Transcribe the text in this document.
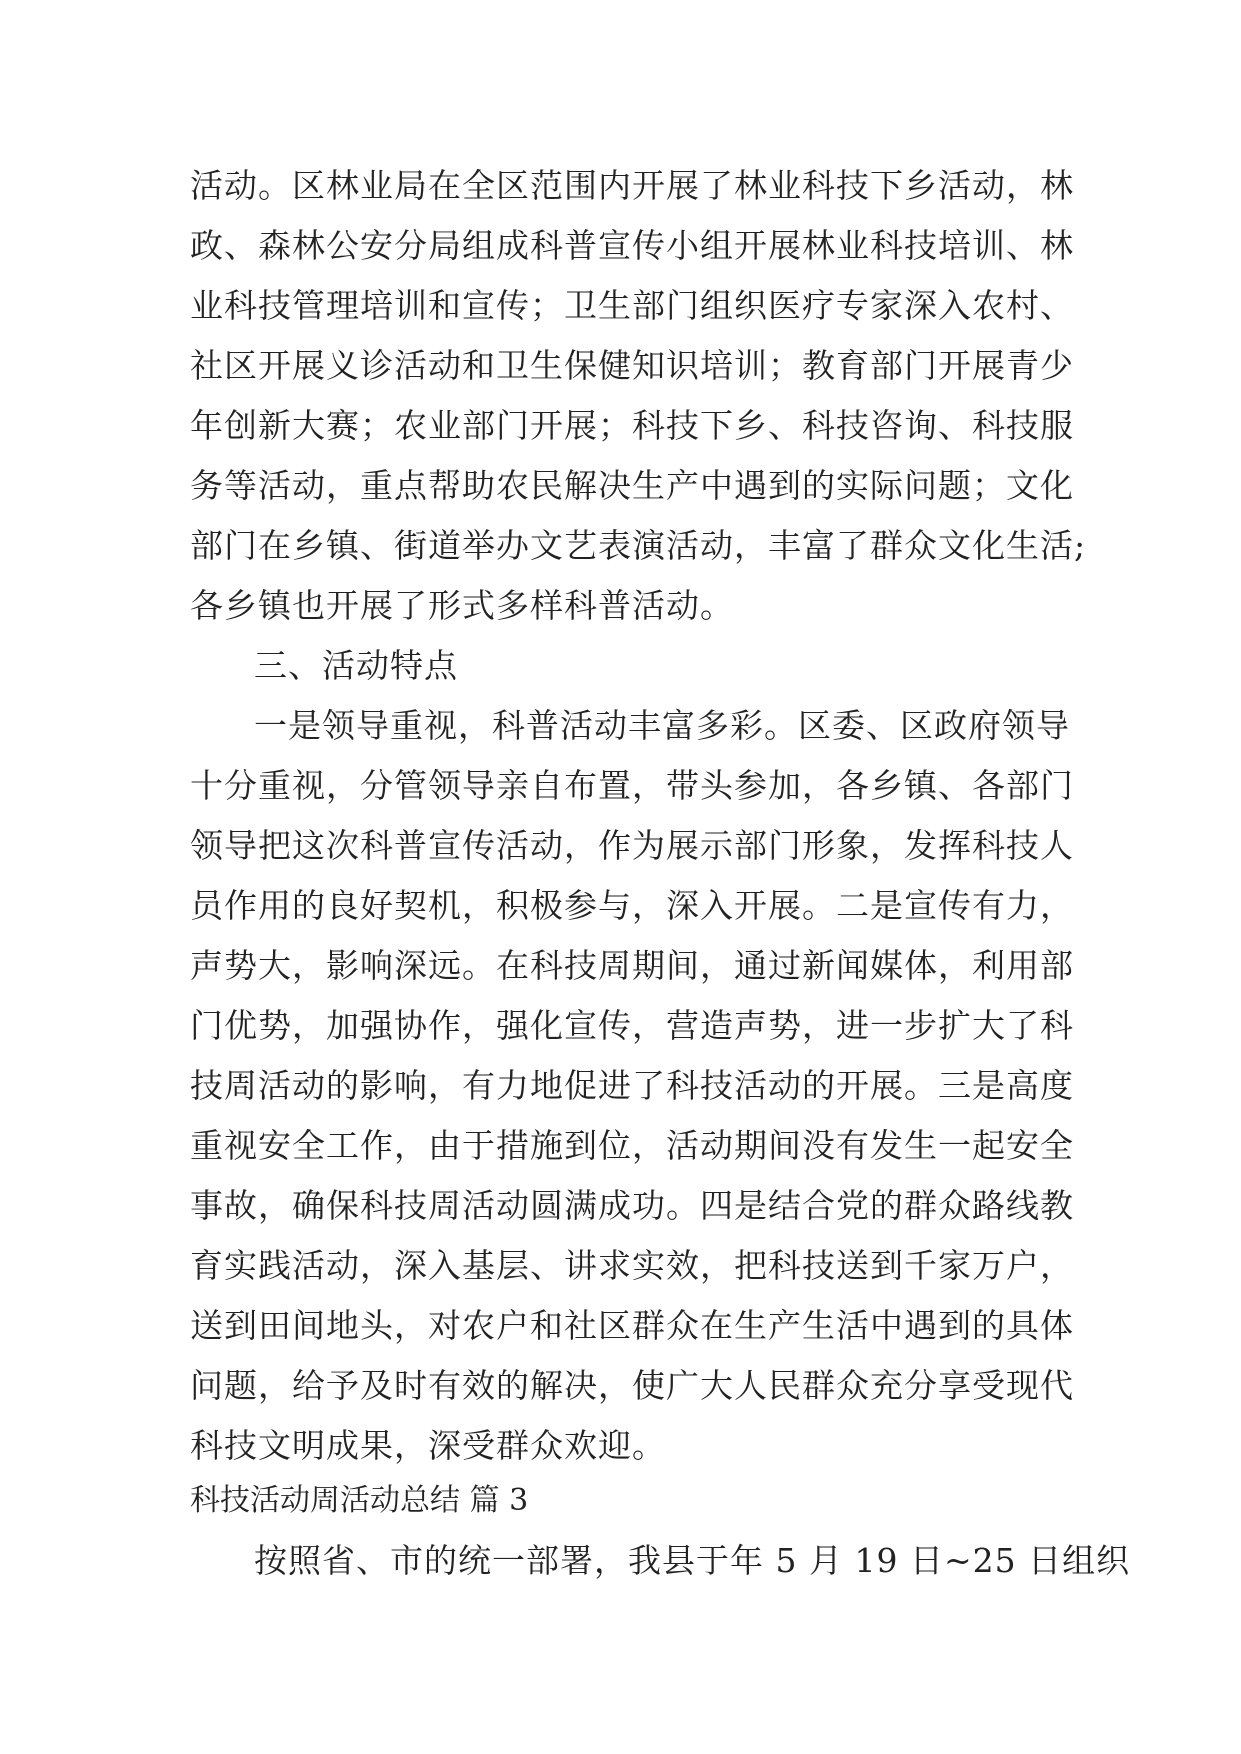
活动。区林业局在全区范围内开展了林业科技下乡活动，林
政、森林公安分局组成科普宣传小组开展林业科技培训、林
业科技管理培训和宣传；卫生部门组织医疗专家深入农村、
社区开展义诊活动和卫生保健知识培训；教育部门开展青少
年创新大赛；农业部门开展；科技下乡、科技咨询、科技服
务等活动，重点帮助农民解决生产中遇到的实际问题；文化
部门在乡镇、街道举办文艺表演活动，丰富了群众文化生活;
各乡镇也开展了形式多样科普活动。
三、活动特点
一是领导重视，科普活动丰富多彩。区委、区政府领导
十分重视，分管领导亲自布置，带头参加，各乡镇、各部门
领导把这次科普宣传活动，作为展示部门形象，发挥科技人
员作用的良好契机，积极参与，深入开展。二是宣传有力，
声势大，影响深远。在科技周期间，通过新闻媒体，利用部
门优势，加强协作，强化宣传，营造声势，进一步扩大了科
技周活动的影响，有力地促进了科技活动的开展。三是高度
重视安全工作，由于措施到位，活动期间没有发生一起安全
事故，确保科技周活动圆满成功。四是结合党的群众路线教
育实践活动，深入基层、讲求实效，把科技送到千家万户，
送到田间地头，对农户和社区群众在生产生活中遇到的具体
问题，给予及时有效的解决，使广大人民群众充分享受现代
科技文明成果，深受群众欢迎。
科技活动周活动总结 篇 3
按照省、市的统一部署，我县于年 5 月 19 日~25 日组织
